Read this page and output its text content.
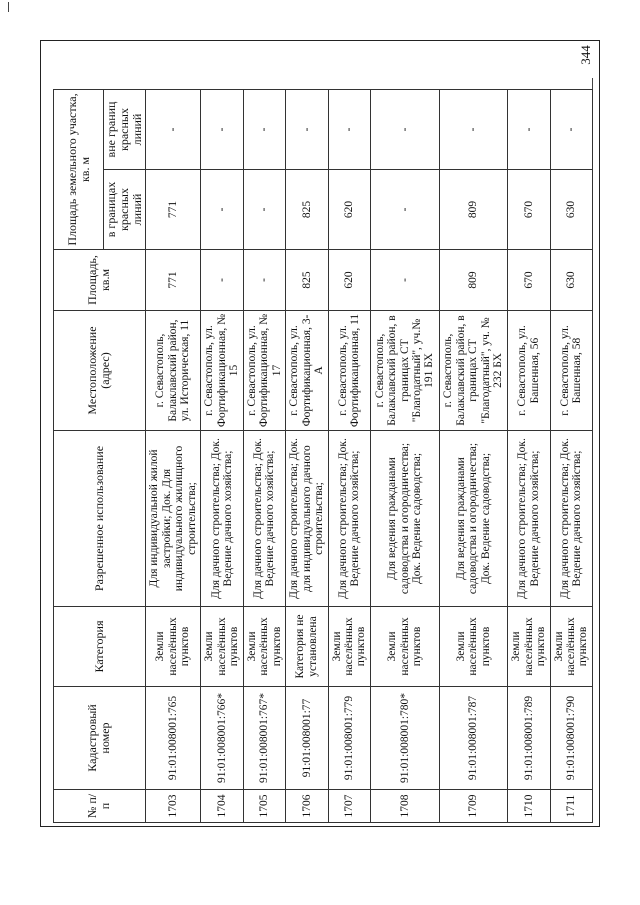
344
№ п/п	Кадастровый номер	Категория	Разрешенное использование	Местоположение (адрес)	Площадь, кв.м	Площадь земельного участка, кв. м	
						в границах красных линий	вне границ красных линий
1703	91:01:008001:765	Земли населённых пунктов	Для индивидуальной жилой застройки; Док. Для индивидуального жилищного строительства;	г. Севастополь, Балаклавский район, ул. Историческая, 11	771	771	-
1704	91:01:008001:766*	Земли населённых пунктов	Для дачного строительства; Док. Ведение дачного хозяйства;	г. Севастополь, ул. Фортификационная, № 15	-	-	-
1705	91:01:008001:767*	Земли населённых пунктов	Для дачного строительства; Док. Ведение дачного хозяйства;	г. Севастополь, ул. Фортификационная, № 17	-	-	-
1706	91:01:008001:77	Категория не установлена	Для дачного строительства; Док. для индивидуального дачного строительства;	г. Севастополь, ул. Фортификационная, 3-А	825	825	-
1707	91:01:008001:779	Земли населённых пунктов	Для дачного строительства; Док. Ведение дачного хозяйства;	г. Севастополь, ул. Фортификационная, 11	620	620	-
1708	91:01:008001:780*	Земли населённых пунктов	Для ведения гражданами садоводства и огородничества; Док. Ведение садоводства;	г. Севастополь, Балаклавский район, в границах СТ "Благодатный", уч.№ 191 БХ	-	-	-
1709	91:01:008001:787	Земли населённых пунктов	Для ведения гражданами садоводства и огородничества; Док. Ведение садоводства;	г. Севастополь, Балаклавский район, в границах СТ "Благодатный", уч. № 232 БХ	809	809	-
1710	91:01:008001:789	Земли населённых пунктов	Для дачного строительства; Док. Ведение дачного хозяйства;	г. Севастополь, ул. Башенная, 56	670	670	-
1711	91:01:008001:790	Земли населённых пунктов	Для дачного строительства; Док. Ведение дачного хозяйства;	г. Севастополь, ул. Башенная, 58	630	630	-
